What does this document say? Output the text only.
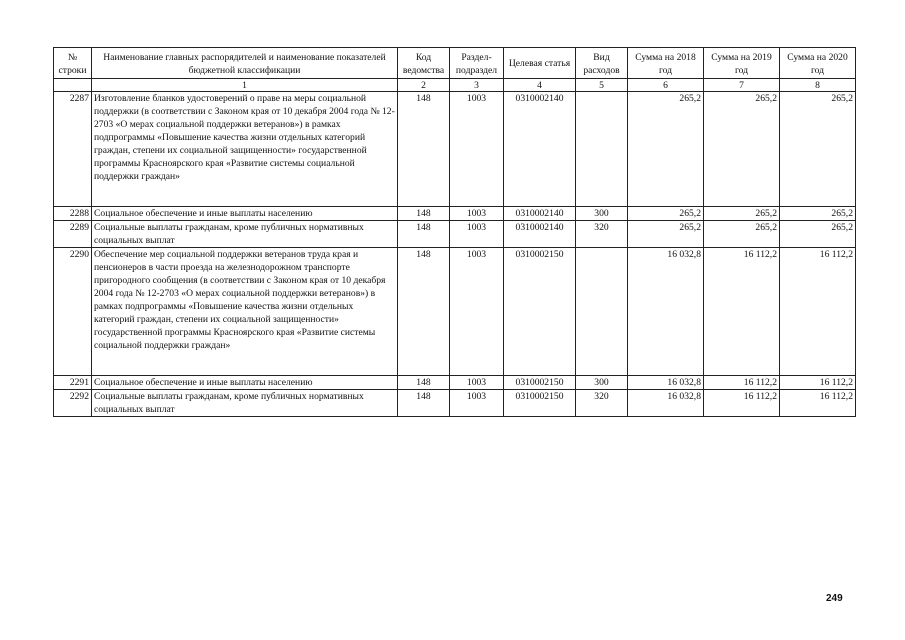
№ строки	Наименование главных распорядителей и наименование показателей бюджетной классификации	Код ведомства	Раздел-подраздел	Целевая статья	Вид расходов	Сумма на 2018 год	Сумма на 2019 год	Сумма на 2020 год
	1	2	3	4	5	6	7	8
2287	Изготовление бланков удостоверений о праве на меры социальной поддержки (в соответствии с Законом края от 10 декабря 2004 года № 12-2703 «О мерах социальной поддержки ветеранов») в рамках подпрограммы «Повышение качества жизни отдельных категорий граждан, степени их социальной защищенности» государственной программы Красноярского края «Развитие системы социальной поддержки граждан»	148	1003	0310002140		265,2	265,2	265,2
2288	Социальное обеспечение и иные выплаты населению	148	1003	0310002140	300	265,2	265,2	265,2
2289	Социальные выплаты гражданам, кроме публичных нормативных социальных выплат	148	1003	0310002140	320	265,2	265,2	265,2
2290	Обеспечение мер социальной поддержки ветеранов труда края и пенсионеров в части проезда на железнодорожном транспорте пригородного сообщения (в соответствии с Законом края от 10 декабря 2004 года № 12-2703 «О мерах социальной поддержки ветеранов») в рамках подпрограммы «Повышение качества жизни отдельных категорий граждан, степени их социальной защищенности» государственной программы Красноярского края «Развитие системы социальной поддержки граждан»	148	1003	0310002150		16 032,8	16 112,2	16 112,2
2291	Социальное обеспечение и иные выплаты населению	148	1003	0310002150	300	16 032,8	16 112,2	16 112,2
2292	Социальные выплаты гражданам, кроме публичных нормативных социальных выплат	148	1003	0310002150	320	16 032,8	16 112,2	16 112,2
249
